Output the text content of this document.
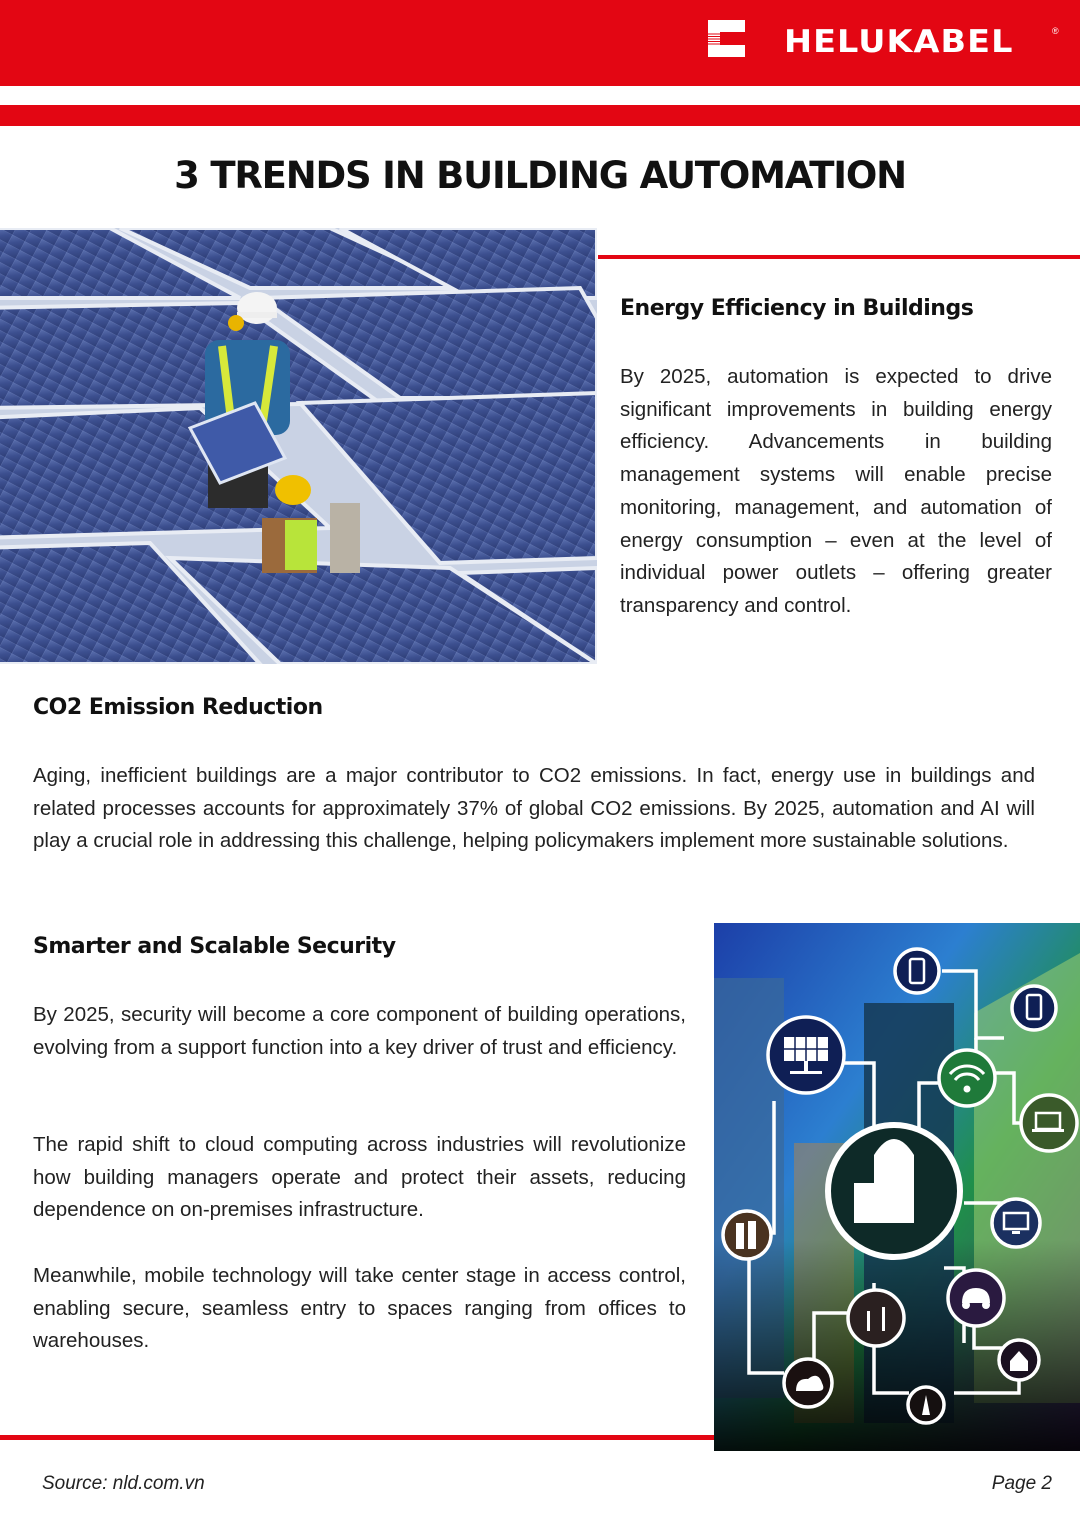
HELUKABEL	®
3 TRENDS IN BUILDING AUTOMATION
Energy Efficiency in Buildings

By 2025, automation is expected to drive significant improvements in building energy efficiency. Advancements in building management systems will enable precise monitoring, management, and automation of energy consumption – even at the level of individual power outlets – offering greater transparency and control.

CO2 Emission Reduction

Aging, inefficient buildings are a major contributor to CO2 emissions. In fact, energy use in buildings and related processes accounts for approximately 37% of global CO2 emissions. By 2025, automation and AI will play a crucial role in addressing this challenge, helping policymakers implement more sustainable solutions.

Smarter and Scalable Security

By 2025, security will become a core component of building operations, evolving from a support function into a key driver of trust and efficiency.

The rapid shift to cloud computing across industries will revolutionize how building managers operate and protect their assets, reducing dependence on on-premises infrastructure.

Meanwhile, mobile technology will take center stage in access control, enabling secure, seamless entry to spaces ranging from offices to warehouses.

Source: nld.com.vn	Page 2
